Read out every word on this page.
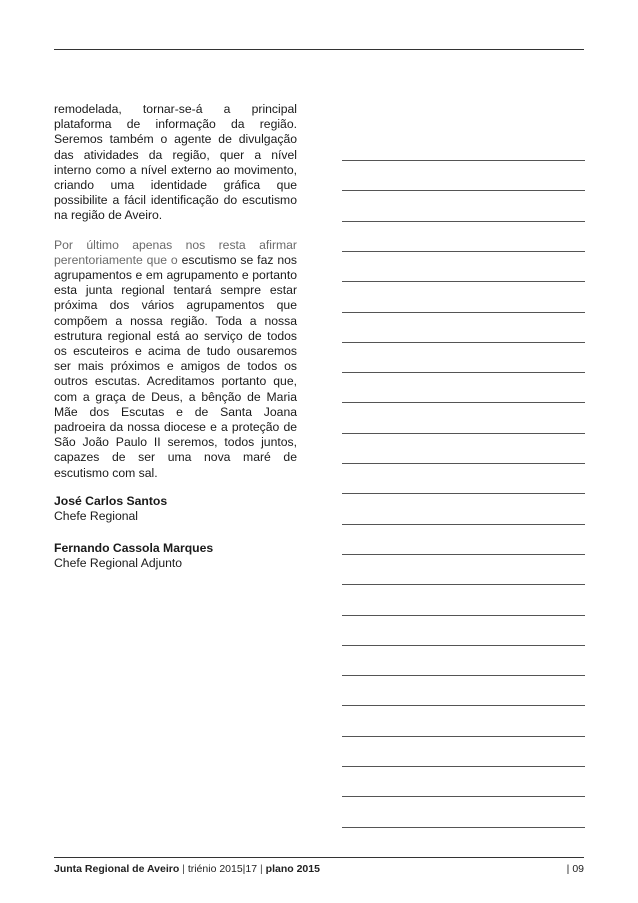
remodelada, tornar-se-á a principal plataforma de informação da região. Seremos também o agente de divulgação das atividades da região, quer a nível interno como a nível externo ao movimento, criando uma identidade gráfica que possibilite a fácil identificação do escutismo na região de Aveiro.

Por último apenas nos resta afirmar perentoriamente que o escutismo se faz nos agrupamentos e em agrupamento e portanto esta junta regional tentará sempre estar próxima dos vários agrupamentos que compõem a nossa região. Toda a nossa estrutura regional está ao serviço de todos os escuteiros e acima de tudo ousaremos ser mais próximos e amigos de todos os outros escutas. Acreditamos portanto que, com a graça de Deus, a bênção de Maria Mãe dos Escutas e de Santa Joana padroeira da nossa diocese e a proteção de São João Paulo II seremos, todos juntos, capazes de ser uma nova maré de escutismo com sal.

José Carlos Santos
Chefe Regional
Fernando Cassola Marques
Chefe Regional Adjunto
Junta Regional de Aveiro | triénio 2015|17 | plano 2015	| 09
